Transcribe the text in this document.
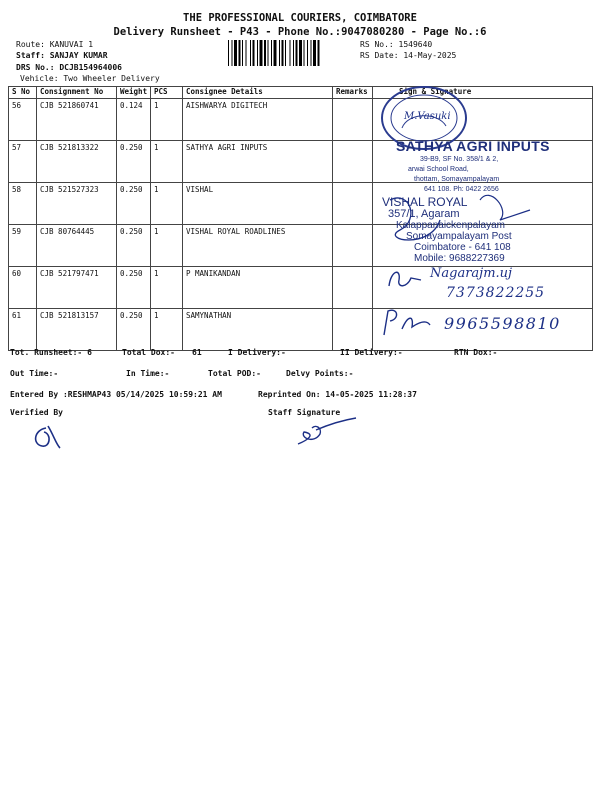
THE PROFESSIONAL COURIERS, COIMBATORE
Delivery Runsheet - P43 - Phone No.:9047080280 - Page No.:6
Route: KANUVAI 1
Staff: SANJAY KUMAR
DRS No.: DCJB154964006
Vehicle: Two Wheeler Delivery
RS No.: 1549640
RS Date: 14-May-2025
S No	Consignment No	Weight	PCS	Consignee Details	Remarks	Sign & Signature
56	CJB 521860741	0.124	1	AISHWARYA DIGITECH		
57	CJB 521813322	0.250	1	SATHYA AGRI INPUTS		
58	CJB 521527323	0.250	1	VISHAL		
59	CJB 80764445	0.250	1	VISHAL ROYAL ROADLINES		
60	CJB 521797471	0.250	1	P MANIKANDAN		
61	CJB 521813157	0.250	1	SAMYNATHAN		
M.Vasuki
SATHYA AGRI INPUTS
39-B9, SF No. 358/1 & 2,
arwai School Road,
thottam, Somayampalayam
641 108. Ph: 0422 2656
VISHAL ROYAL
357/1, Agaram
Kalappanaickenpalayam
Somayampalayam Post
Coimbatore - 641 108
Mobile: 9688227369
Nagarajm.uj
7373822255
9965598810
Tot. Runsheet:- 6	Total Dox:- 61	I Delivery:-	II Delivery:-	RTN Dox:-
Out Time:-	In Time:-	Total POD:-	Delvy Points:-
Entered By :RESHMAP43 05/14/2025 10:59:21 AM	Reprinted On: 14-05-2025 11:28:37
Verified By	Staff Signature
